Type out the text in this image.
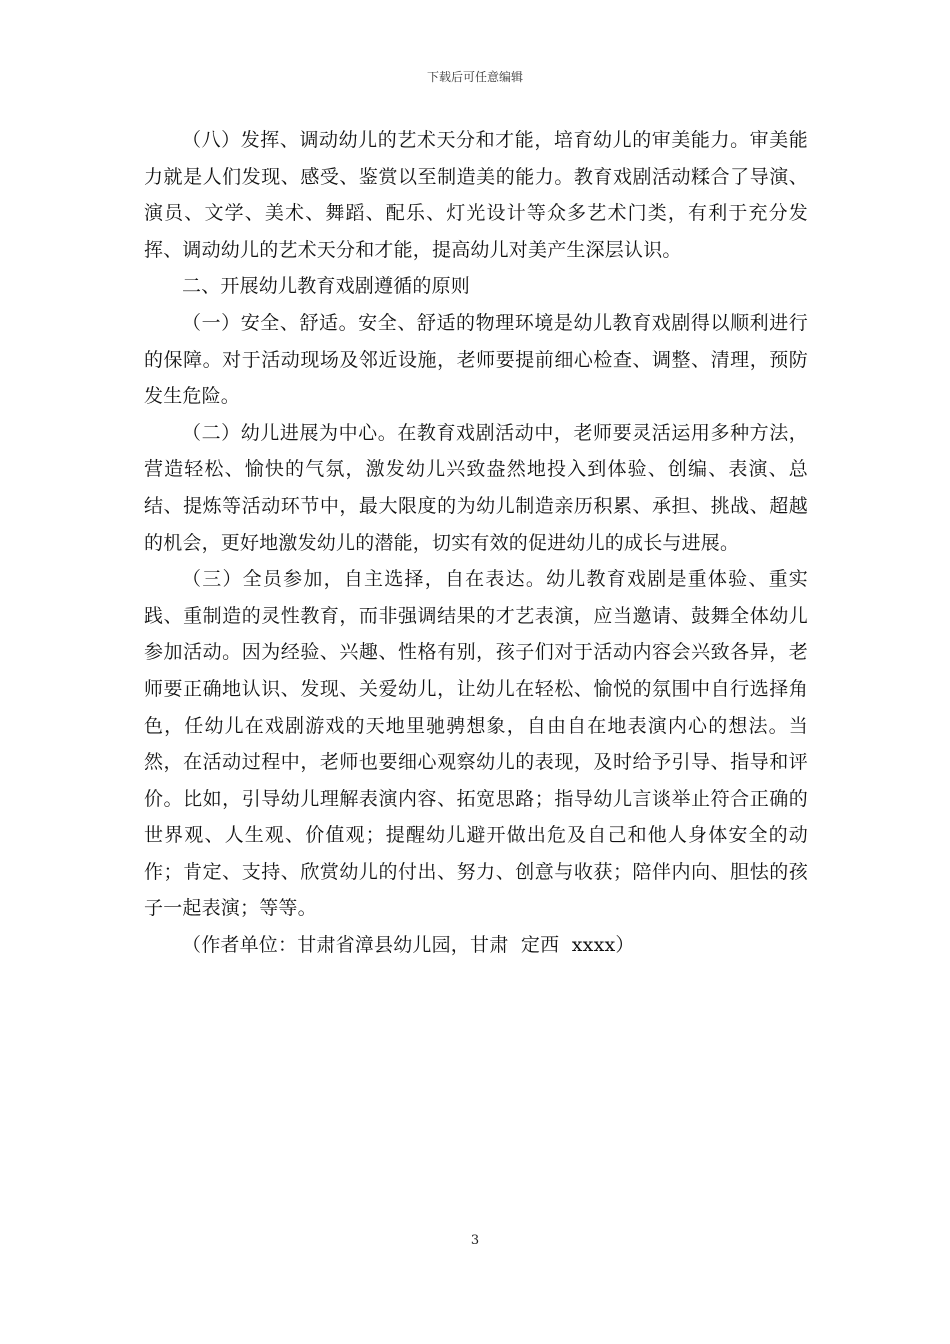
下载后可任意编辑

（八）发挥、调动幼儿的艺术天分和才能，培育幼儿的审美能力。审美能力就是人们发现、感受、鉴赏以至制造美的能力。教育戏剧活动糅合了导演、演员、文学、美术、舞蹈、配乐、灯光设计等众多艺术门类，有利于充分发挥、调动幼儿的艺术天分和才能，提高幼儿对美产生深层认识。

二、开展幼儿教育戏剧遵循的原则

（一）安全、舒适。安全、舒适的物理环境是幼儿教育戏剧得以顺利进行的保障。对于活动现场及邻近设施，老师要提前细心检查、调整、清理，预防发生危险。

（二）幼儿进展为中心。在教育戏剧活动中，老师要灵活运用多种方法，营造轻松、愉快的气氛，激发幼儿兴致盎然地投入到体验、创编、表演、总结、提炼等活动环节中，最大限度的为幼儿制造亲历积累、承担、挑战、超越的机会，更好地激发幼儿的潜能，切实有效的促进幼儿的成长与进展。

（三）全员参加，自主选择，自在表达。幼儿教育戏剧是重体验、重实践、重制造的灵性教育，而非强调结果的才艺表演，应当邀请、鼓舞全体幼儿参加活动。因为经验、兴趣、性格有别，孩子们对于活动内容会兴致各异，老师要正确地认识、发现、关爱幼儿，让幼儿在轻松、愉悦的氛围中自行选择角色，任幼儿在戏剧游戏的天地里驰骋想象，自由自在地表演内心的想法。当然，在活动过程中，老师也要细心观察幼儿的表现，及时给予引导、指导和评价。比如，引导幼儿理解表演内容、拓宽思路；指导幼儿言谈举止符合正确的世界观、人生观、价值观；提醒幼儿避开做出危及自己和他人身体安全的动作；肯定、支持、欣赏幼儿的付出、努力、创意与收获；陪伴内向、胆怯的孩子一起表演；等等。

（作者单位：甘肃省漳县幼儿园，甘肃  定西  xxxx）

3
